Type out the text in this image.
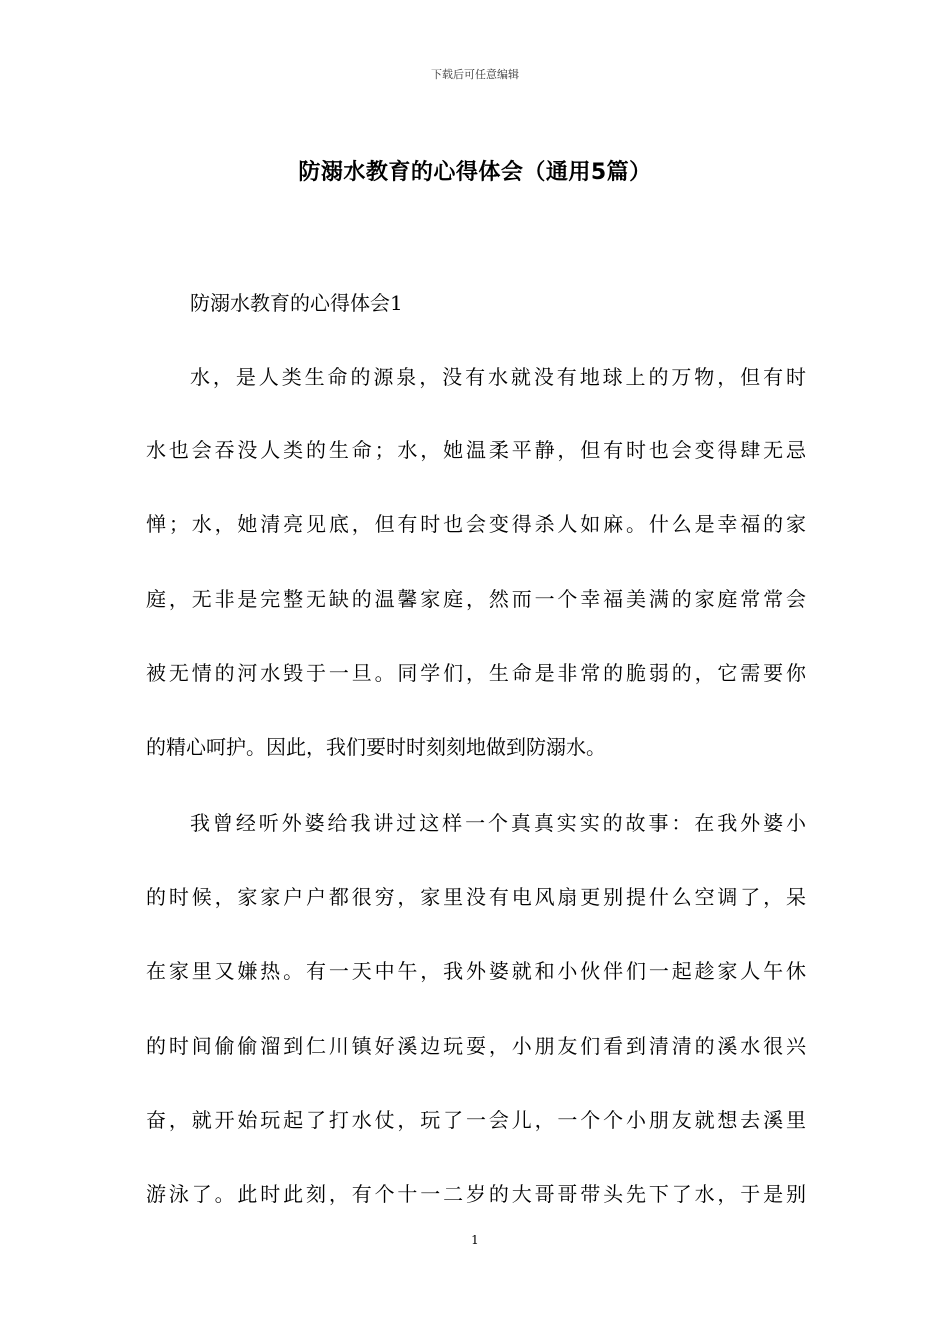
下载后可任意编辑
防溺水教育的心得体会（通用5篇）
防溺水教育的心得体会1
水，是人类生命的源泉，没有水就没有地球上的万物，但有时
水也会吞没人类的生命；水，她温柔平静，但有时也会变得肆无忌
惮；水，她清亮见底，但有时也会变得杀人如麻。什么是幸福的家
庭，无非是完整无缺的温馨家庭，然而一个幸福美满的家庭常常会
被无情的河水毁于一旦。同学们，生命是非常的脆弱的，它需要你
的精心呵护。因此，我们要时时刻刻地做到防溺水。
我曾经听外婆给我讲过这样一个真真实实的故事：在我外婆小
的时候，家家户户都很穷，家里没有电风扇更别提什么空调了，呆
在家里又嫌热。有一天中午，我外婆就和小伙伴们一起趁家人午休
的时间偷偷溜到仁川镇好溪边玩耍，小朋友们看到清清的溪水很兴
奋，就开始玩起了打水仗，玩了一会儿，一个个小朋友就想去溪里
游泳了。此时此刻，有个十一二岁的大哥哥带头先下了水，于是别
1
